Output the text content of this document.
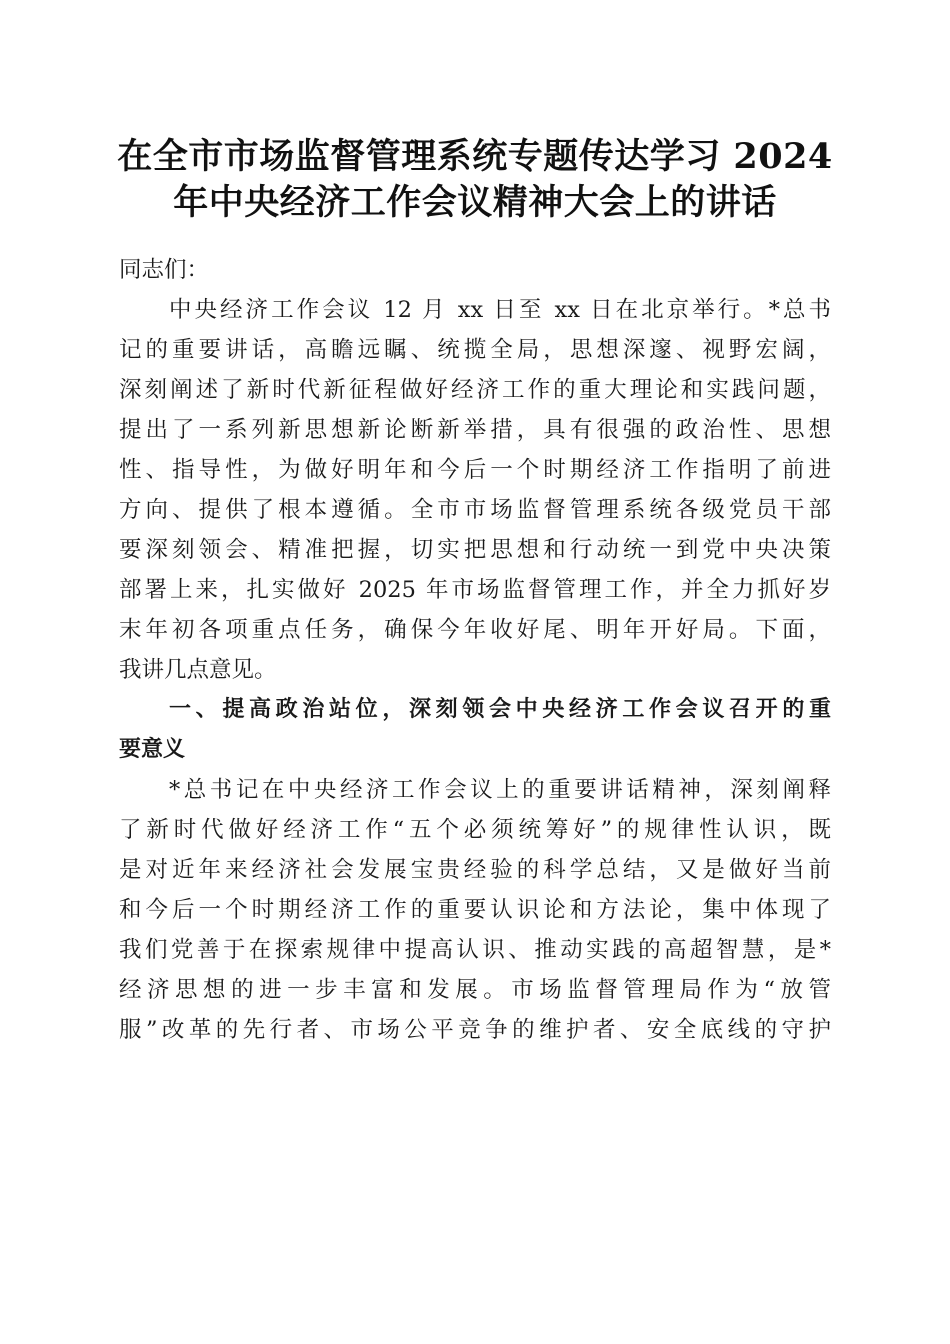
在全市市场监督管理系统专题传达学习 2024
年中央经济工作会议精神大会上的讲话
同志们：
中央经济工作会议 12 月 xx 日至 xx 日在北京举行。*总书
记的重要讲话，高瞻远瞩、统揽全局，思想深邃、视野宏阔，
深刻阐述了新时代新征程做好经济工作的重大理论和实践问题，
提出了一系列新思想新论断新举措，具有很强的政治性、思想
性、指导性，为做好明年和今后一个时期经济工作指明了前进
方向、提供了根本遵循。全市市场监督管理系统各级党员干部
要深刻领会、精准把握，切实把思想和行动统一到党中央决策
部署上来，扎实做好 2025 年市场监督管理工作，并全力抓好岁
末年初各项重点任务，确保今年收好尾、明年开好局。下面，
我讲几点意见。
一、提高政治站位，深刻领会中央经济工作会议召开的重
要意义
*总书记在中央经济工作会议上的重要讲话精神，深刻阐释
了新时代做好经济工作“五个必须统筹好”的规律性认识，既
是对近年来经济社会发展宝贵经验的科学总结，又是做好当前
和今后一个时期经济工作的重要认识论和方法论，集中体现了
我们党善于在探索规律中提高认识、推动实践的高超智慧，是*
经济思想的进一步丰富和发展。市场监督管理局作为“放管
服”改革的先行者、市场公平竞争的维护者、安全底线的守护
